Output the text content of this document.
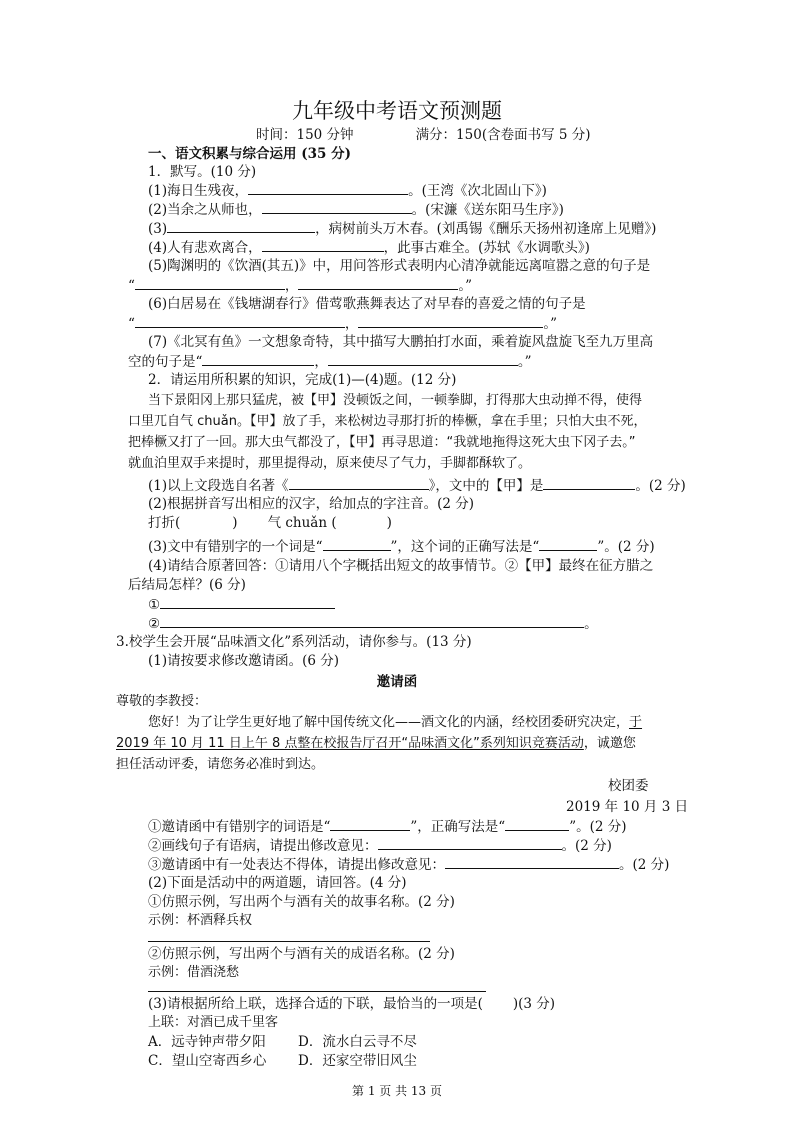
九年级中考语文预测题
时间：150 分钟	满分：150(含卷面书写 5 分)
一、语文积累与综合运用 (35 分)
1．默写。(10 分)
(1)海日生残夜，	。(王湾《次北固山下》)
(2)当余之从师也，	。(宋濂《送东阳马生序》)
(3)	，病树前头万木春。(刘禹锡《酬乐天扬州初逢席上见赠》)
(4)人有悲欢离合，	，此事古难全。(苏轼《水调歌头》)
(5)陶渊明的《饮酒(其五)》中，用问答形式表明内心清净就能远离喧嚣之意的句子是
“	，	。”
(6)白居易在《钱塘湖春行》借莺歌燕舞表达了对早春的喜爱之情的句子是
“	，	。”
(7)《北冥有鱼》一文想象奇特，其中描写大鹏拍打水面，乘着旋风盘旋飞至九万里高
空的句子是“	，	。”
2．请运用所积累的知识，完成(1)—(4)题。(12 分)
当下景阳冈上那只猛虎，被【甲】没顿饭之间，一顿拳脚，打得那大虫动掸不得，使得
口里兀自气 chuǎn。【甲】放了手，来松树边寻那打折的棒橛，拿在手里；只怕大虫不死，
把棒橛又打了一回。那大虫气都没了，【甲】再寻思道：“我就地拖得这死大虫下冈子去。”
就血泊里双手来提时，那里提得动，原来使尽了气力，手脚都酥软了。
(1)以上文段选自名著《	》，文中的【甲】是	。(2 分)
(2)根据拼音写出相应的汉字，给加点的字注音。(2 分)
打折(	) 气 chuǎn (	)
(3)文中有错别字的一个词是“	”，这个词的正确写法是“	”。(2 分)
(4)请结合原著回答：①请用八个字概括出短文的故事情节。②【甲】最终在征方腊之
后结局怎样？(6 分)
①
②	。
3.校学生会开展“品味酒文化”系列活动，请你参与。(13 分)
(1)请按要求修改邀请函。(6 分)
邀请函
尊敬的李教授：
您好！为了让学生更好地了解中国传统文化——酒文化的内涵，经校团委研究决定，于
2019 年 10 月 11 日上午 8 点整在校报告厅召开“品味酒文化”系列知识竞赛活动，诚邀您
担任活动评委，请您务必准时到达。
校团委
2019 年 10 月 3 日
①邀请函中有错别字的词语是“	”，正确写法是“	”。(2 分)
②画线句子有语病，请提出修改意见：	。(2 分)
③邀请函中有一处表达不得体，请提出修改意见：	。(2 分)
(2)下面是活动中的两道题，请回答。(4 分)
①仿照示例，写出两个与酒有关的故事名称。(2 分)
示例：杯酒释兵权
②仿照示例，写出两个与酒有关的成语名称。(2 分)
示例：借酒浇愁
(3)请根据所给上联，选择合适的下联，最恰当的一项是( )(3 分)
上联：对酒已成千里客
A．远寺钟声带夕阳 D．流水白云寻不尽
C．望山空寄西乡心 D．还家空带旧风尘
第 1 页 共 13 页
